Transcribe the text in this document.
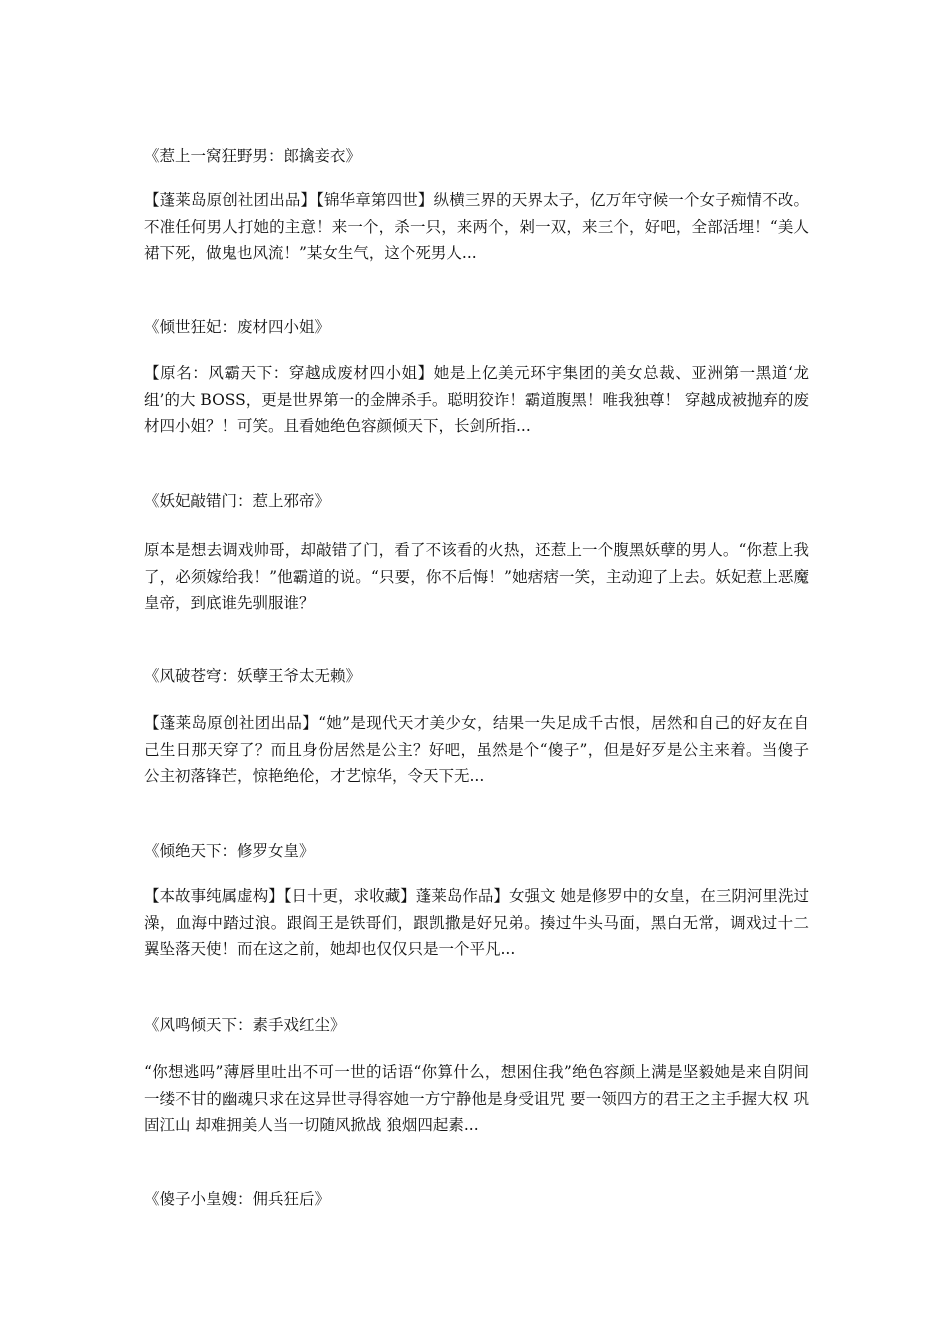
《惹上一窝狂野男：郎擒妾衣》
【蓬莱岛原创社团出品】【锦华章第四世】纵横三界的天界太子，亿万年守候一个女子痴情不改。不准任何男人打她的主意！来一个，杀一只，来两个，剁一双，来三个，好吧，全部活埋！“美人裙下死，做鬼也风流！”某女生气，这个死男人...
《倾世狂妃：废材四小姐》
【原名：风霸天下：穿越成废材四小姐】她是上亿美元环宇集团的美女总裁、亚洲第一黑道‘龙组’的大 BOSS，更是世界第一的金牌杀手。聪明狡诈！霸道腹黑！唯我独尊！ 穿越成被抛弃的废材四小姐？！可笑。且看她绝色容颜倾天下，长剑所指...
《妖妃敲错门：惹上邪帝》
原本是想去调戏帅哥，却敲错了门，看了不该看的火热，还惹上一个腹黑妖孽的男人。“你惹上我了，必须嫁给我！”他霸道的说。“只要，你不后悔！”她痞痞一笑，主动迎了上去。妖妃惹上恶魔皇帝，到底谁先驯服谁？
《风破苍穹：妖孽王爷太无赖》
【蓬莱岛原创社团出品】“她”是现代天才美少女，结果一失足成千古恨，居然和自己的好友在自己生日那天穿了？而且身份居然是公主？好吧，虽然是个“傻子”，但是好歹是公主来着。当傻子公主初落锋芒，惊艳绝伦，才艺惊华，令天下无...
《倾绝天下：修罗女皇》
【本故事纯属虚构】【日十更，求收藏】蓬莱岛作品】女强文 她是修罗中的女皇，在三阴河里洗过澡，血海中踏过浪。跟阎王是铁哥们，跟凯撒是好兄弟。揍过牛头马面，黑白无常，调戏过十二翼坠落天使！而在这之前，她却也仅仅只是一个平凡...
《风鸣倾天下：素手戏红尘》
“你想逃吗”薄唇里吐出不可一世的话语“你算什么，想困住我”绝色容颜上满是坚毅她是来自阴间一缕不甘的幽魂只求在这异世寻得容她一方宁静他是身受诅咒 要一领四方的君王之主手握大权 巩固江山 却难拥美人当一切随风掀战 狼烟四起素...
《傻子小皇嫂：佣兵狂后》
